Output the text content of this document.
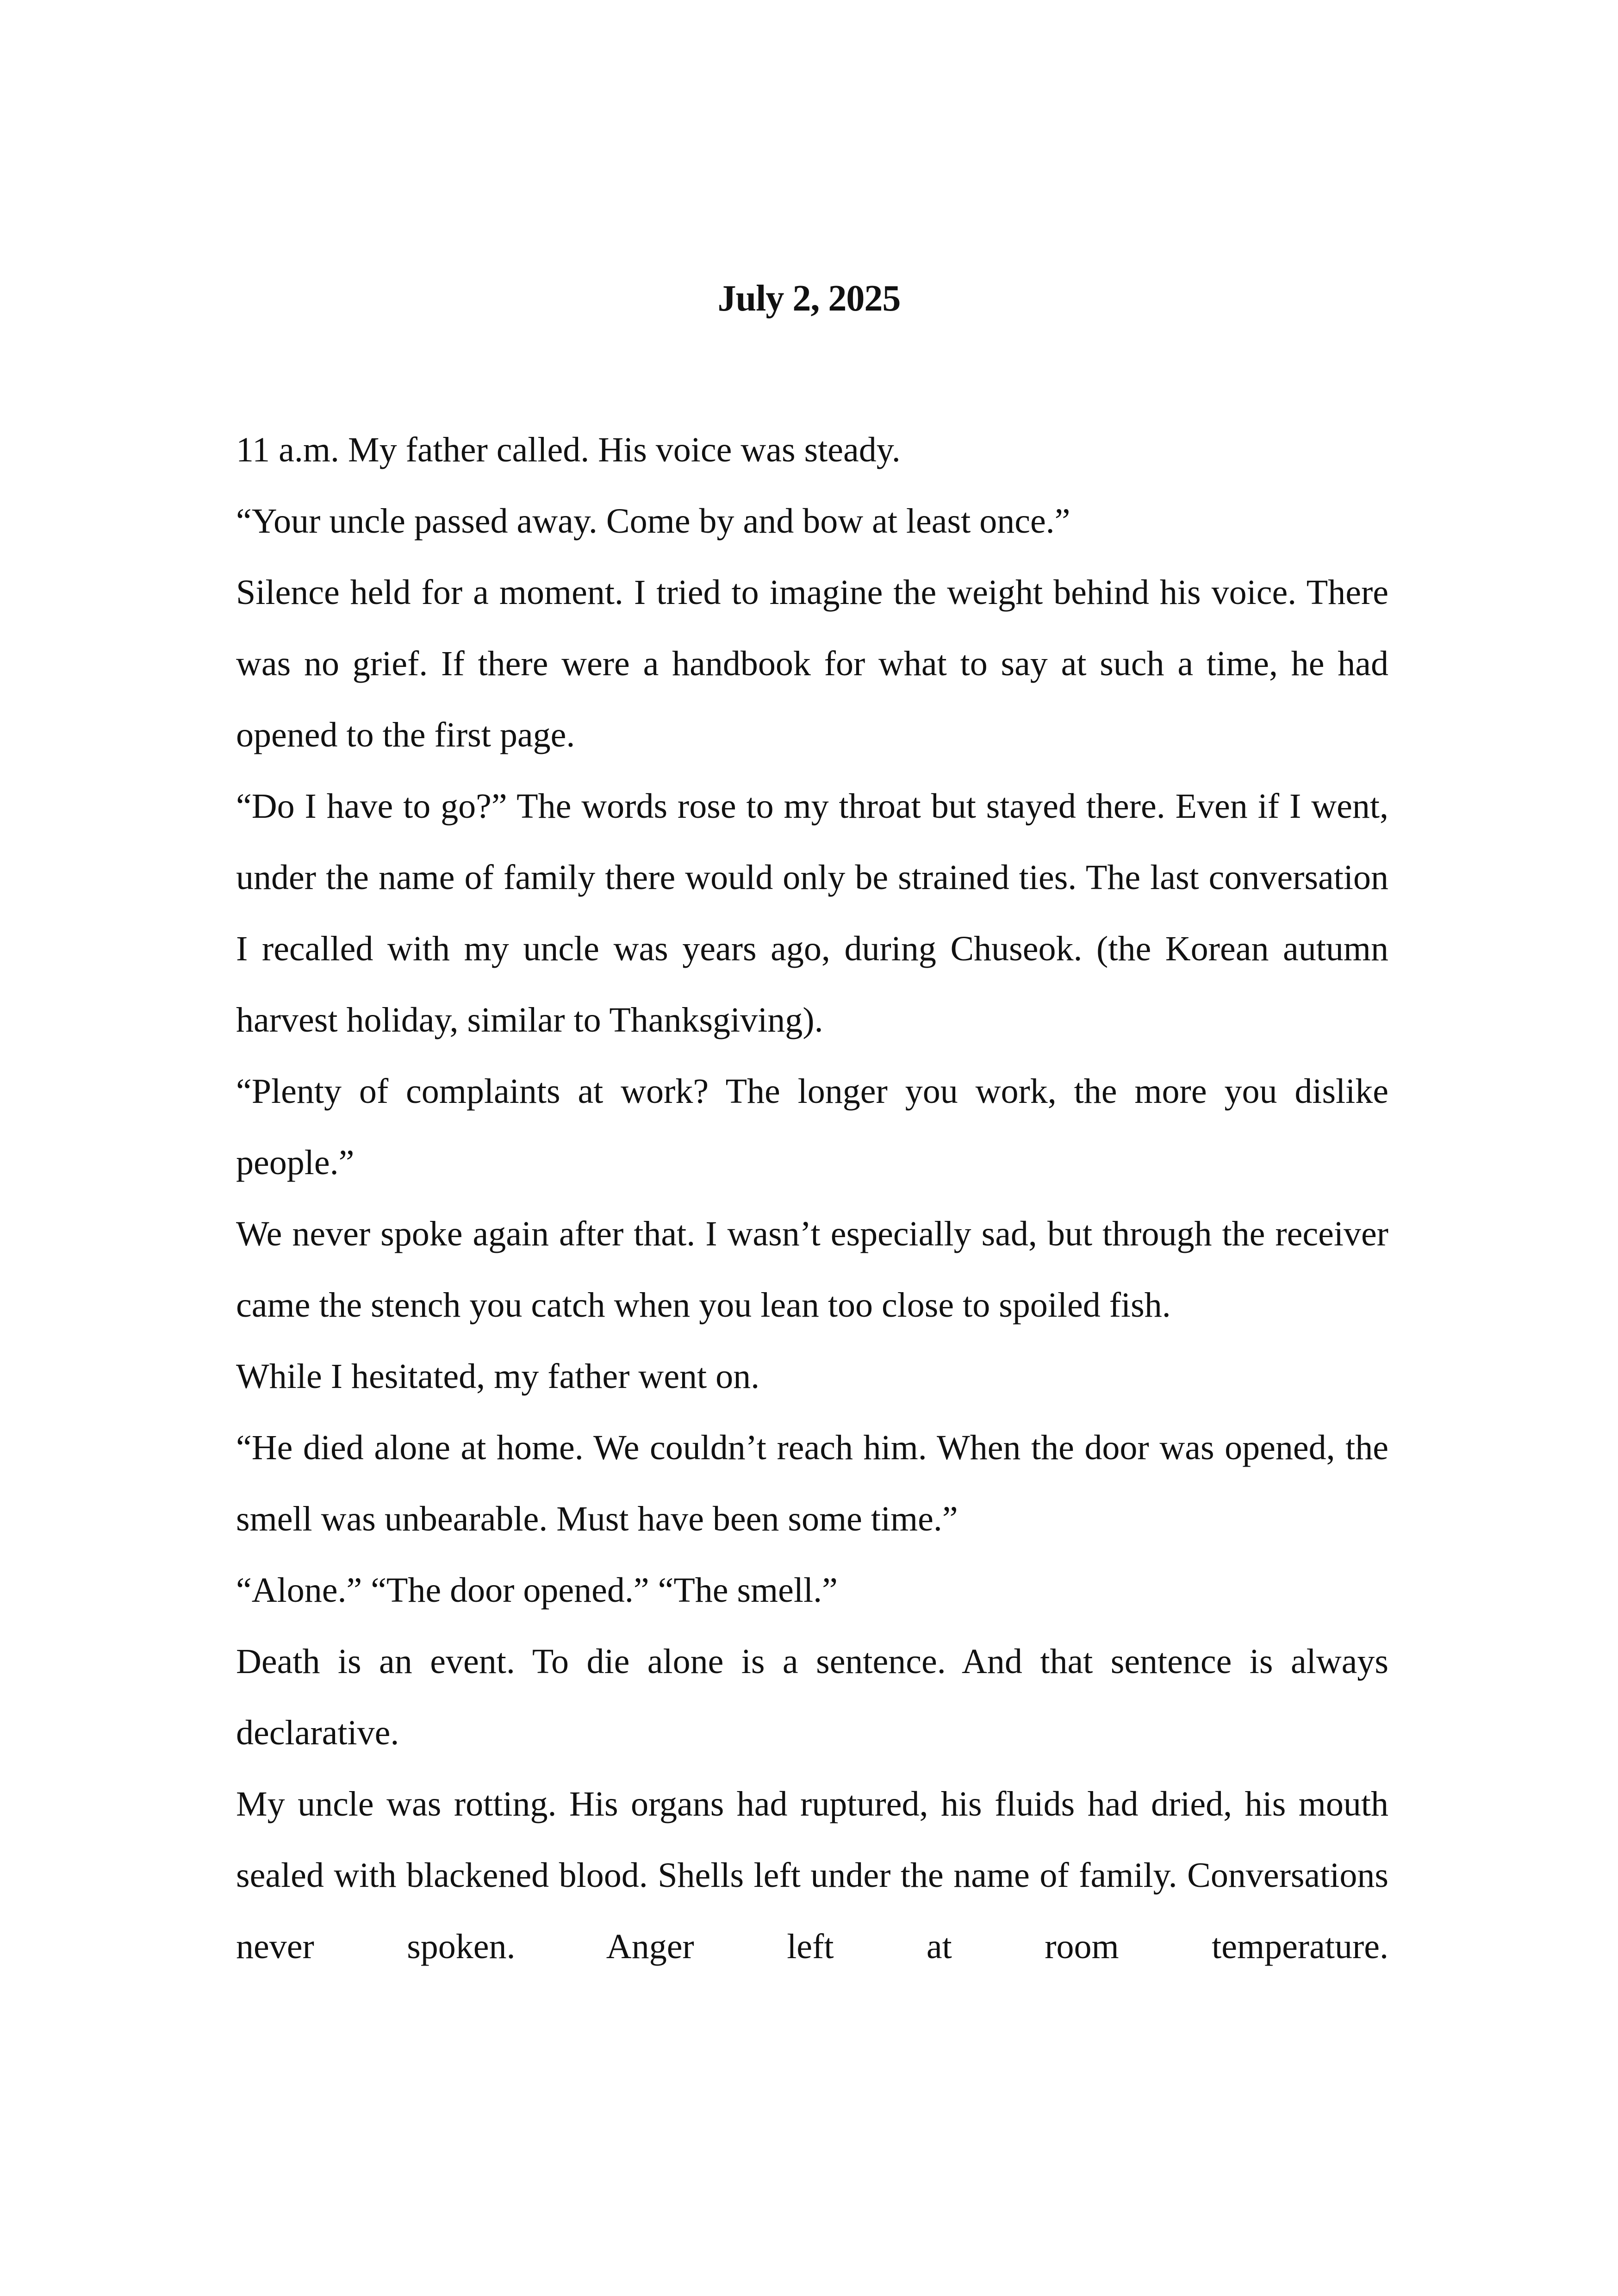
July 2, 2025

11 a.m. My father called. His voice was steady.

“Your uncle passed away. Come by and bow at least once.”

Silence held for a moment. I tried to imagine the weight behind his voice. There was no grief. If there were a handbook for what to say at such a time, he had opened to the first page.

“Do I have to go?” The words rose to my throat but stayed there. Even if I went, under the name of family there would only be strained ties. The last conversation I recalled with my uncle was years ago, during Chuseok. (the Korean autumn harvest holiday, similar to Thanksgiving).

“Plenty of complaints at work? The longer you work, the more you dislike people.”

We never spoke again after that. I wasn’t especially sad, but through the receiver came the stench you catch when you lean too close to spoiled fish.

While I hesitated, my father went on.

“He died alone at home. We couldn’t reach him. When the door was opened, the smell was unbearable. Must have been some time.”

“Alone.” “The door opened.” “The smell.”

Death is an event. To die alone is a sentence. And that sentence is always declarative.

My uncle was rotting. His organs had ruptured, his fluids had dried, his mouth sealed with blackened blood. Shells left under the name of family. Conversations never spoken. Anger left at room temperature.
